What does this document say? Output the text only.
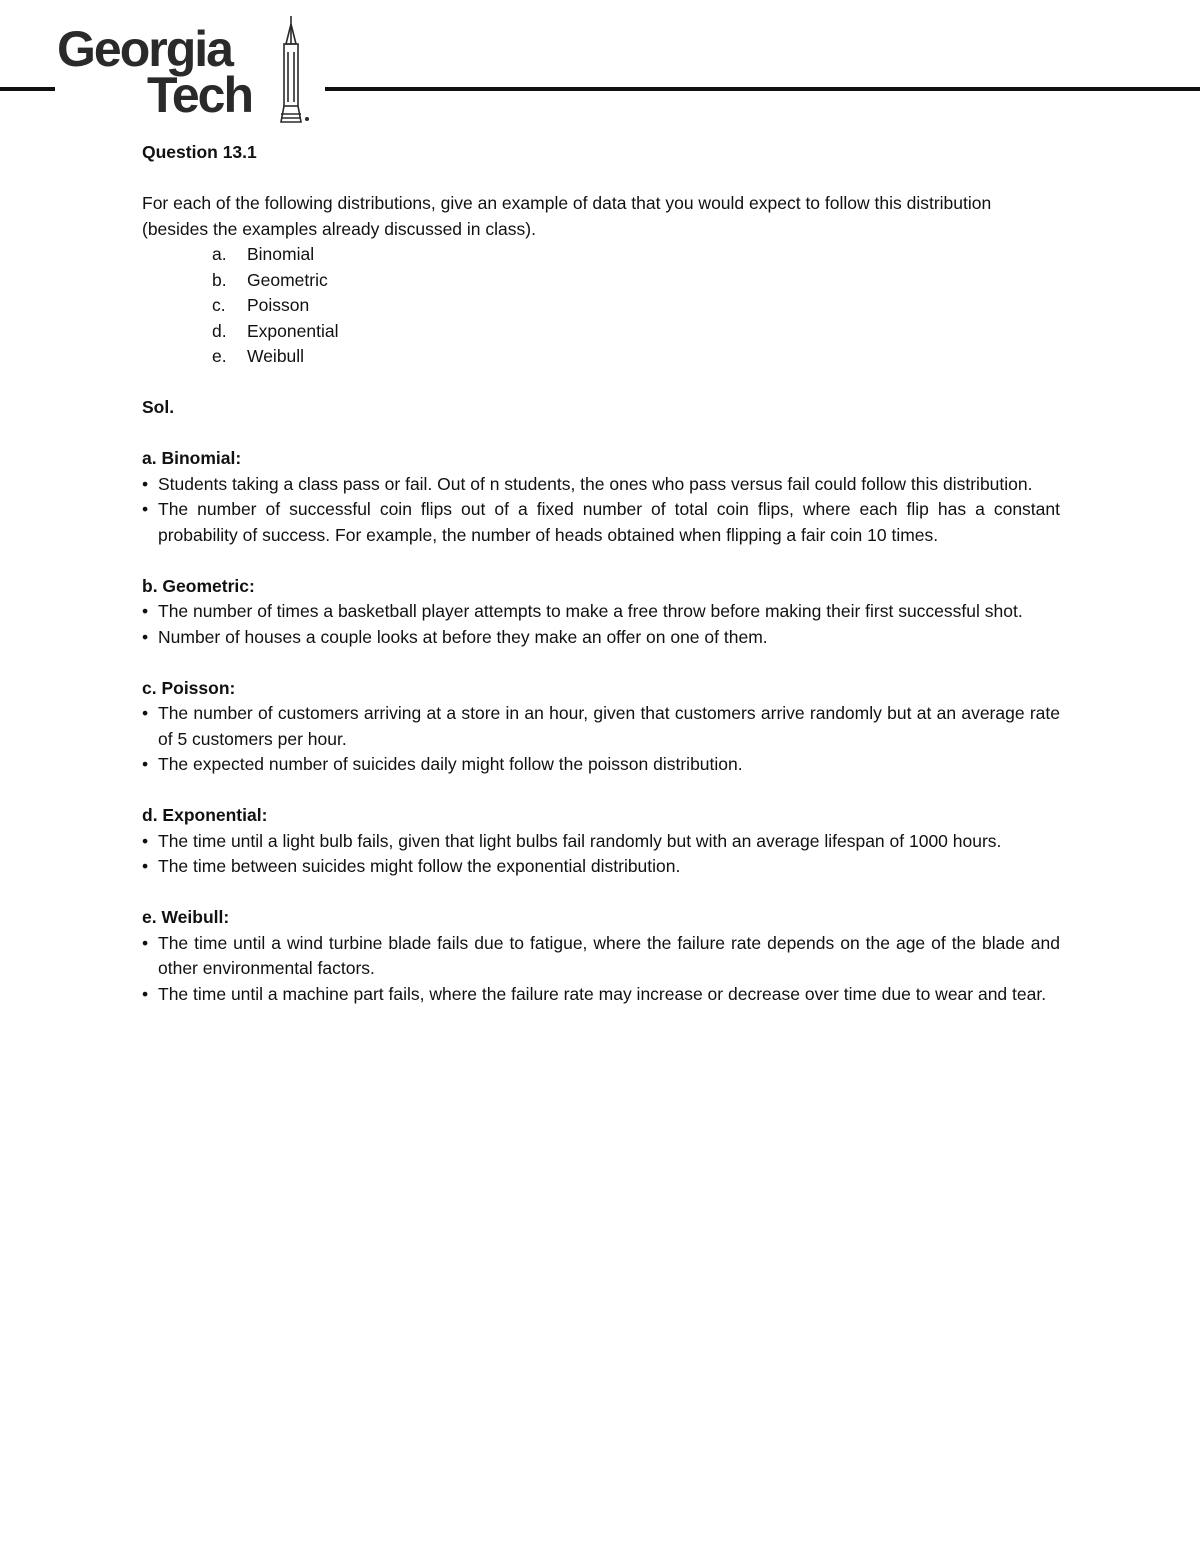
Georgia
Tech

Question 13.1

For each of the following distributions, give an example of data that you would expect to follow this distribution (besides the examples already discussed in class).

a.	Binomial
b.	Geometric
c.	Poisson
d.	Exponential
e.	Weibull

Sol.

a. Binomial:

• Students taking a class pass or fail. Out of n students, the ones who pass versus fail could follow this distribution.
• The number of successful coin flips out of a fixed number of total coin flips, where each flip has a constant probability of success. For example, the number of heads obtained when flipping a fair coin 10 times.

b. Geometric:

• The number of times a basketball player attempts to make a free throw before making their first successful shot.
• Number of houses a couple looks at before they make an offer on one of them.

c. Poisson:

• The number of customers arriving at a store in an hour, given that customers arrive randomly but at an average rate of 5 customers per hour.
• The expected number of suicides daily might follow the poisson distribution.

d. Exponential:

• The time until a light bulb fails, given that light bulbs fail randomly but with an average lifespan of 1000 hours.
• The time between suicides might follow the exponential distribution.

e. Weibull:

• The time until a wind turbine blade fails due to fatigue, where the failure rate depends on the age of the blade and other environmental factors.
• The time until a machine part fails, where the failure rate may increase or decrease over time due to wear and tear.
